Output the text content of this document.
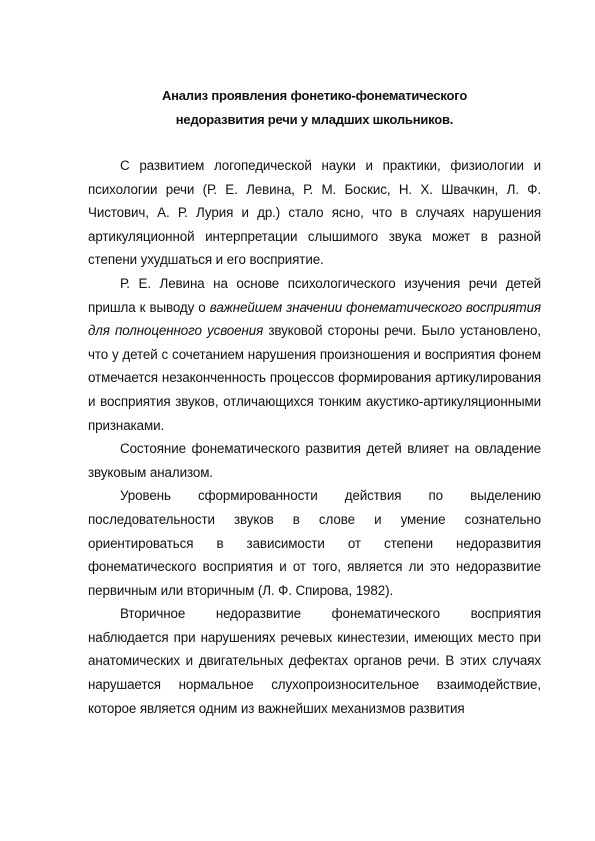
Анализ проявления фонетико-фонематического
недоразвития речи у младших школьников.

С развитием логопедической науки и практики, физиологии и психологии речи (Р. Е. Левина, Р. М. Боскис, Н. Х. Швачкин, Л. Ф. Чистович, А. Р. Лурия и др.) стало ясно, что в случаях нарушения артикуляционной интерпретации слышимого звука может в разной степени ухудшаться и его восприятие.

Р. Е. Левина на основе психологического изучения речи детей пришла к выводу о важнейшем значении фонематического восприятия для полноценного усвоения звуковой стороны речи. Было установлено, что у детей с сочетанием нарушения произношения и восприятия фонем отмечается незаконченность процессов формирования артикулирования и восприятия звуков, отличающихся тонким акустико-артикуляционными признаками.

Состояние фонематического развития детей влияет на овладение звуковым анализом.

Уровень сформированности действия по выделению последовательности звуков в слове и умение сознательно ориентироваться в зависимости от степени недоразвития фонематического восприятия и от того, является ли это недоразвитие первичным или вторичным (Л. Ф. Спирова, 1982).

Вторичное недоразвитие фонематического восприятия наблюдается при нарушениях речевых кинестезии, имеющих место при анатомических и двигательных дефектах органов речи. В этих случаях нарушается нормальное слухопроизносительное взаимодействие, которое является одним из важнейших механизмов развития
